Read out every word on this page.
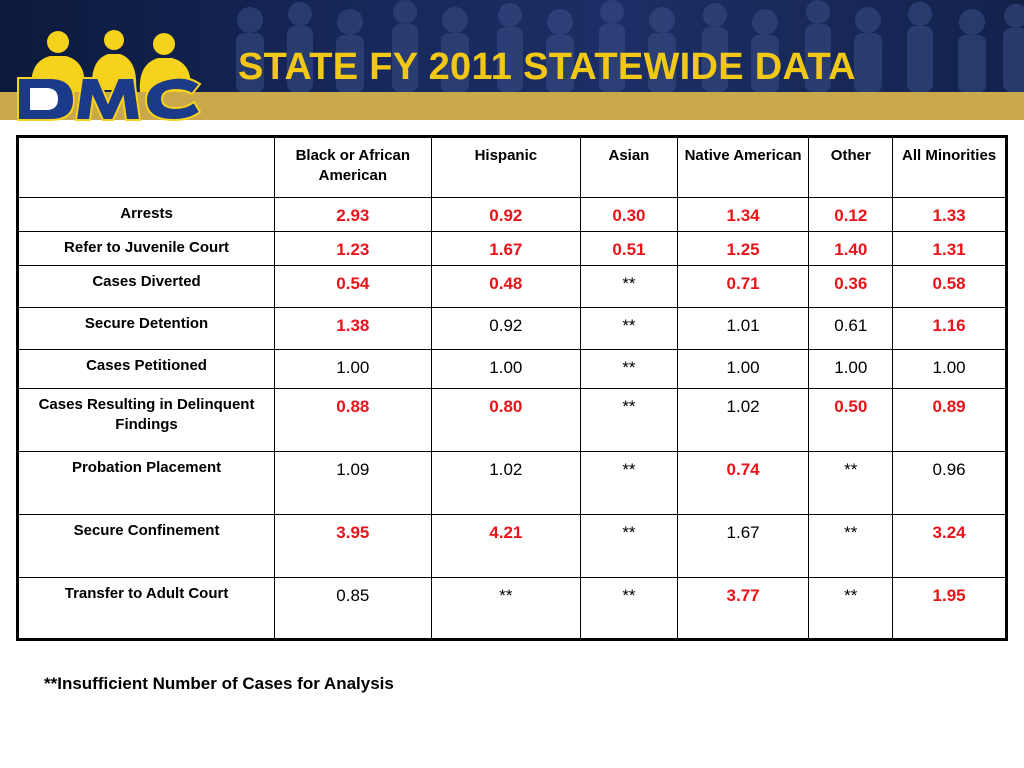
STATE FY 2011 STATEWIDE DATA
	Black or African American	Hispanic	Asian	Native American	Other	All Minorities
Arrests	2.93	0.92	0.30	1.34	0.12	1.33
Refer to Juvenile Court	1.23	1.67	0.51	1.25	1.40	1.31
Cases Diverted	0.54	0.48	**	0.71	0.36	0.58
Secure Detention	1.38	0.92	**	1.01	0.61	1.16
Cases Petitioned	1.00	1.00	**	1.00	1.00	1.00
Cases Resulting in Delinquent Findings	0.88	0.80	**	1.02	0.50	0.89
Probation Placement	1.09	1.02	**	0.74	**	0.96
Secure Confinement	3.95	4.21	**	1.67	**	3.24
Transfer to Adult Court	0.85	**	**	3.77	**	1.95

**Insufficient Number of Cases for Analysis
